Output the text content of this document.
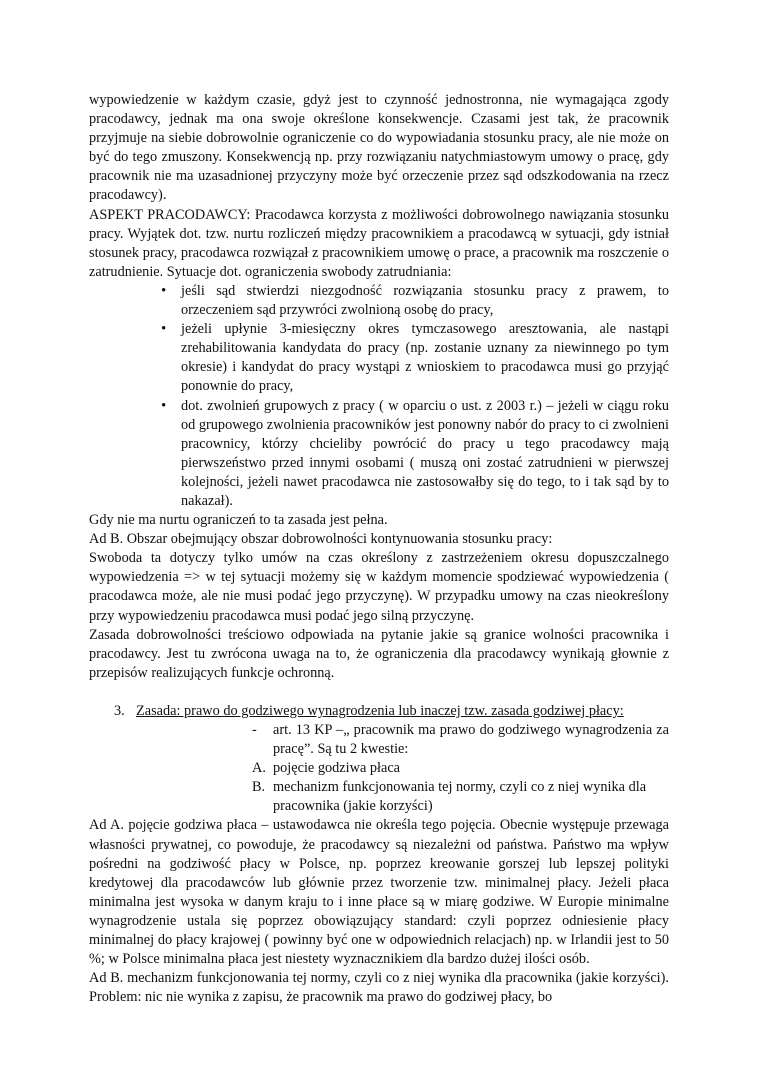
wypowiedzenie w każdym czasie, gdyż jest to czynność jednostronna, nie wymagająca zgody pracodawcy, jednak ma ona swoje określone konsekwencje. Czasami jest tak, że pracownik przyjmuje na siebie dobrowolnie ograniczenie co do wypowiadania stosunku pracy, ale nie może on być do tego zmuszony. Konsekwencją np. przy rozwiązaniu natychmiastowym umowy o pracę, gdy pracownik nie ma uzasadnionej przyczyny może być orzeczenie przez sąd odszkodowania na rzecz pracodawcy).

ASPEKT PRACODAWCY: Pracodawca korzysta z możliwości dobrowolnego nawiązania stosunku pracy. Wyjątek dot. tzw. nurtu rozliczeń między pracownikiem a pracodawcą w sytuacji, gdy istniał stosunek pracy, pracodawca rozwiązał z pracownikiem umowę o prace, a pracownik ma roszczenie o zatrudnienie. Sytuacje dot. ograniczenia swobody zatrudniania:

• jeśli sąd stwierdzi niezgodność rozwiązania stosunku pracy z prawem, to orzeczeniem sąd przywróci zwolnioną osobę do pracy,
• jeżeli upłynie 3-miesięczny okres tymczasowego aresztowania, ale nastąpi zrehabilitowania kandydata do pracy (np. zostanie uznany za niewinnego po tym okresie) i kandydat do pracy wystąpi z wnioskiem to pracodawca musi go przyjąć ponownie do pracy,
• dot. zwolnień grupowych z pracy ( w oparciu o ust. z 2003 r.) – jeżeli w ciągu roku od grupowego zwolnienia pracowników jest ponowny nabór do pracy to ci zwolnieni pracownicy, którzy chcieliby powrócić do pracy u tego pracodawcy mają pierwszeństwo przed innymi osobami ( muszą oni zostać zatrudnieni w pierwszej kolejności, jeżeli nawet pracodawca nie zastosowałby się do tego, to i tak sąd by to nakazał).

Gdy nie ma nurtu ograniczeń to ta zasada jest pełna.

Ad B. Obszar obejmujący obszar dobrowolności kontynuowania stosunku pracy:

Swoboda ta dotyczy tylko umów na czas określony z zastrzeżeniem okresu dopuszczalnego wypowiedzenia => w tej sytuacji możemy się w każdym momencie spodziewać wypowiedzenia ( pracodawca może, ale nie musi podać jego przyczynę). W przypadku umowy na czas nieokreślony przy wypowiedzeniu pracodawca musi podać jego silną przyczynę.

Zasada dobrowolności treściowo odpowiada na pytanie jakie są granice wolności pracownika i pracodawcy. Jest tu zwrócona uwaga na to, że ograniczenia dla pracodawcy wynikają głownie z przepisów realizujących funkcje ochronną.

3. Zasada: prawo do godziwego wynagrodzenia lub inaczej tzw. zasada godziwej płacy:

- art. 13 KP –„ pracownik ma prawo do godziwego wynagrodzenia za pracę”. Są tu 2 kwestie:

A. pojęcie godziwa płaca

B. mechanizm funkcjonowania tej normy, czyli co z niej wynika dla pracownika (jakie korzyści)

Ad A. pojęcie godziwa płaca – ustawodawca nie określa tego pojęcia. Obecnie występuje przewaga własności prywatnej, co powoduje, że pracodawcy są niezależni od państwa. Państwo ma wpływ pośredni na godziwość płacy w Polsce, np. poprzez kreowanie gorszej lub lepszej polityki kredytowej dla pracodawców lub głównie przez tworzenie tzw. minimalnej płacy. Jeżeli płaca minimalna jest wysoka w danym kraju to i inne płace są w miarę godziwe. W Europie minimalne wynagrodzenie ustala się poprzez obowiązujący standard: czyli poprzez odniesienie płacy minimalnej do płacy krajowej ( powinny być one w odpowiednich relacjach) np. w Irlandii jest to 50 %; w Polsce minimalna płaca jest niestety wyznacznikiem dla bardzo dużej ilości osób.

Ad B. mechanizm funkcjonowania tej normy, czyli co z niej wynika dla pracownika (jakie korzyści). Problem: nic nie wynika z zapisu, że pracownik ma prawo do godziwej płacy, bo
